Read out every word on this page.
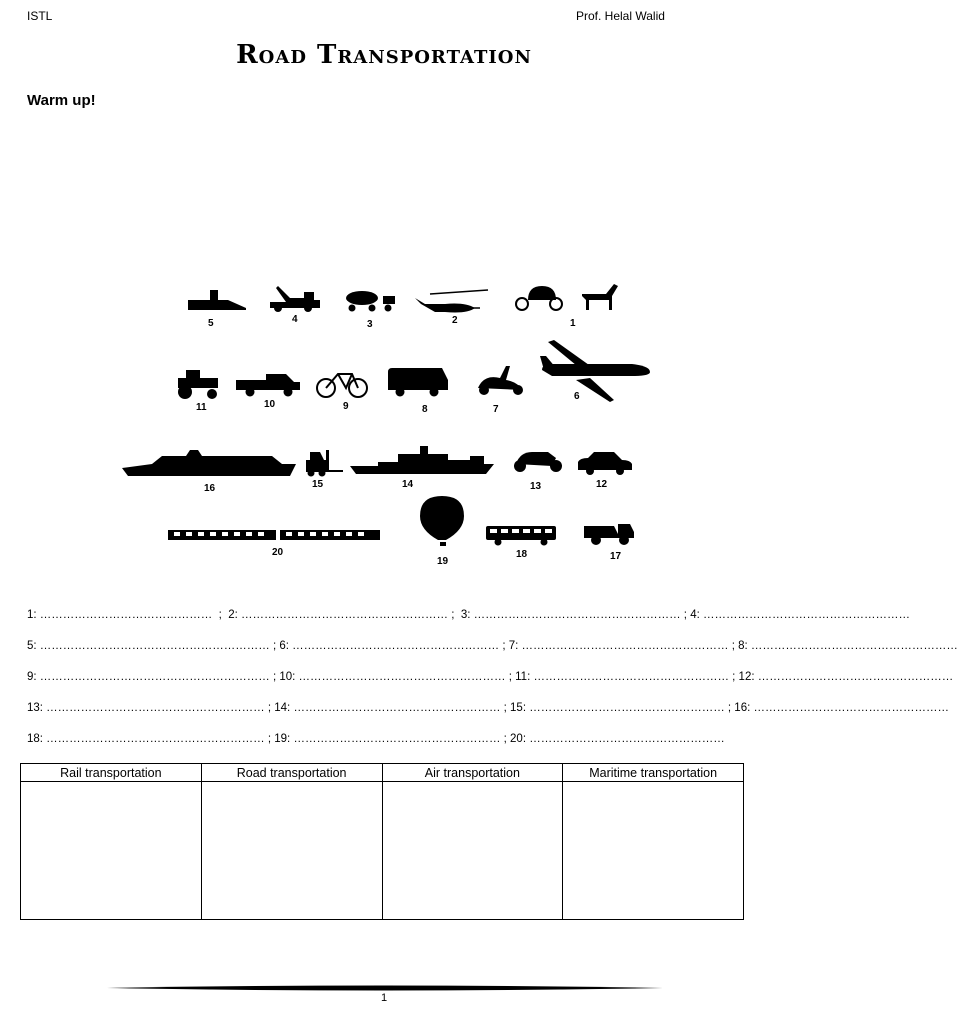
ISTL	Prof. Helal Walid
Road Transportation
Warm up!
5	4	3	2	1
11	10	9	8	7
6
16	15	14	13	12
20
19
18	17
1: ………………………………………  ;  2: ……………………………………………… ;  3: ……………………………………………… ; 4: ………………………………………………
5: …………………………………………………… ; 6: ……………………………………………… ; 7: ……………………………………………… ; 8: ………………………………………………
9: …………………………………………………… ; 10: ……………………………………………… ; 11: …………………………………………… ; 12: ……………………………………………
13: ………………………………………………… ; 14: ……………………………………………… ; 15: …………………………………………… ; 16: ……………………………………………
18: ………………………………………………… ; 19: ……………………………………………… ; 20: ……………………………………………
Rail transportation	Road transportation	Air transportation	Maritime transportation

1
